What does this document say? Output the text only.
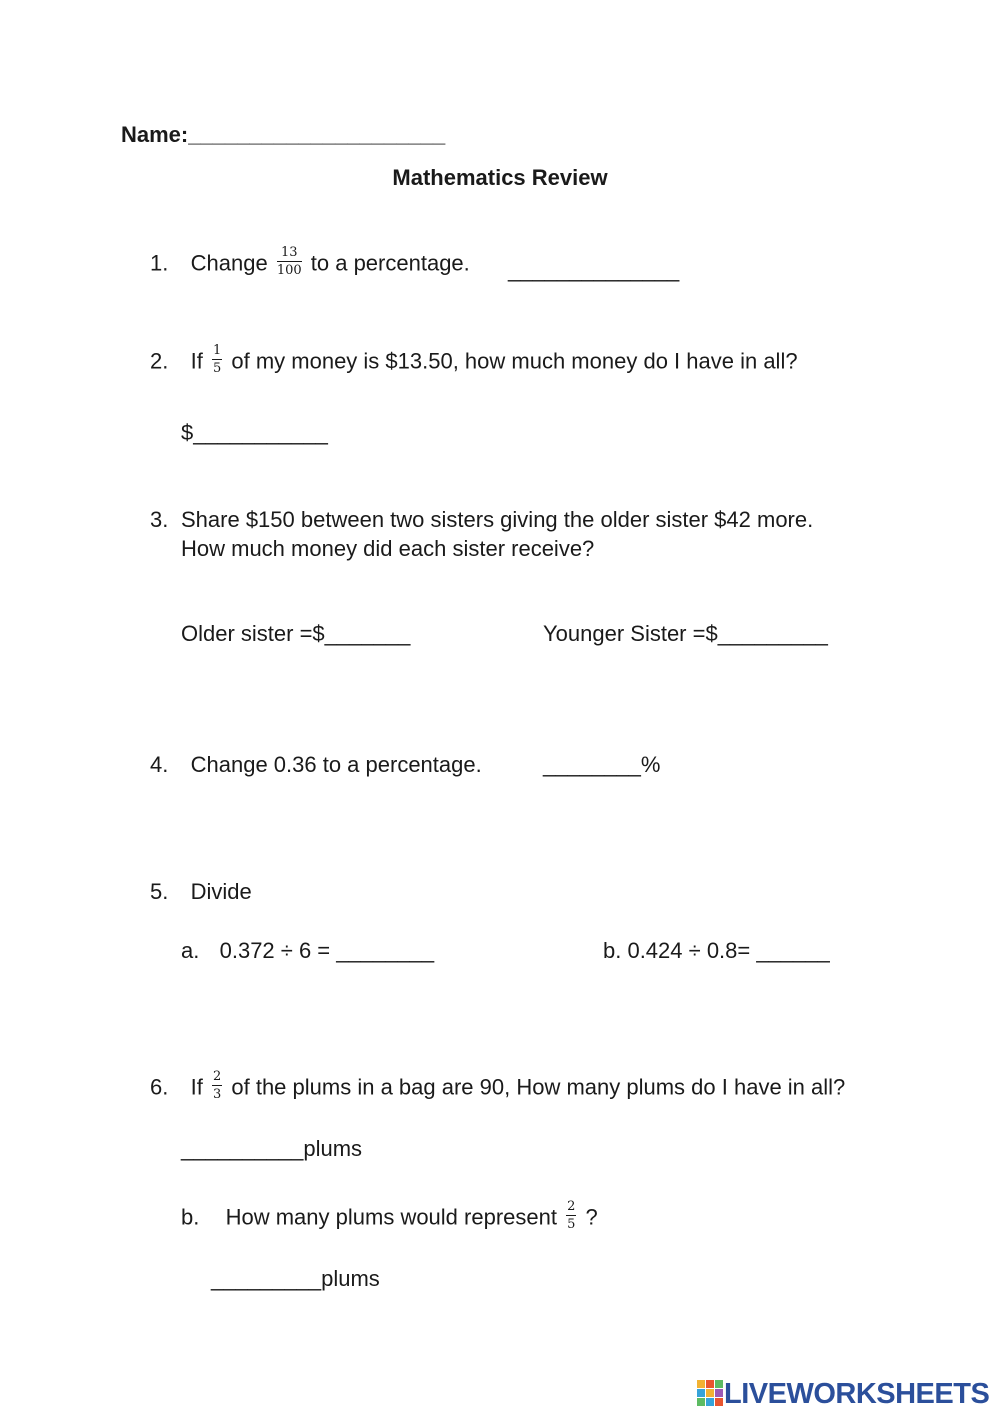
Name:_____________________
Mathematics Review
1. Change $\frac{13}{100}$ to a percentage. ______________
2. If $\frac{1}{5}$ of my money is $13.50, how much money do I have in all?
$___________
3. Share $150 between two sisters giving the older sister $42 more.
How much money did each sister receive?
Older sister =$_______	Younger Sister =$_________
4. Change 0.36 to a percentage.	________%
5. Divide
a. 0.372 ÷ 6 = ________	b. 0.424 ÷ 0.8= ______
6. If $\frac{2}{3}$ of the plums in a bag are 90, How many plums do I have in all?
__________plums
b. How many plums would represent $\frac{2}{5}$ ?
_________plums
LIVEWORKSHEETS
